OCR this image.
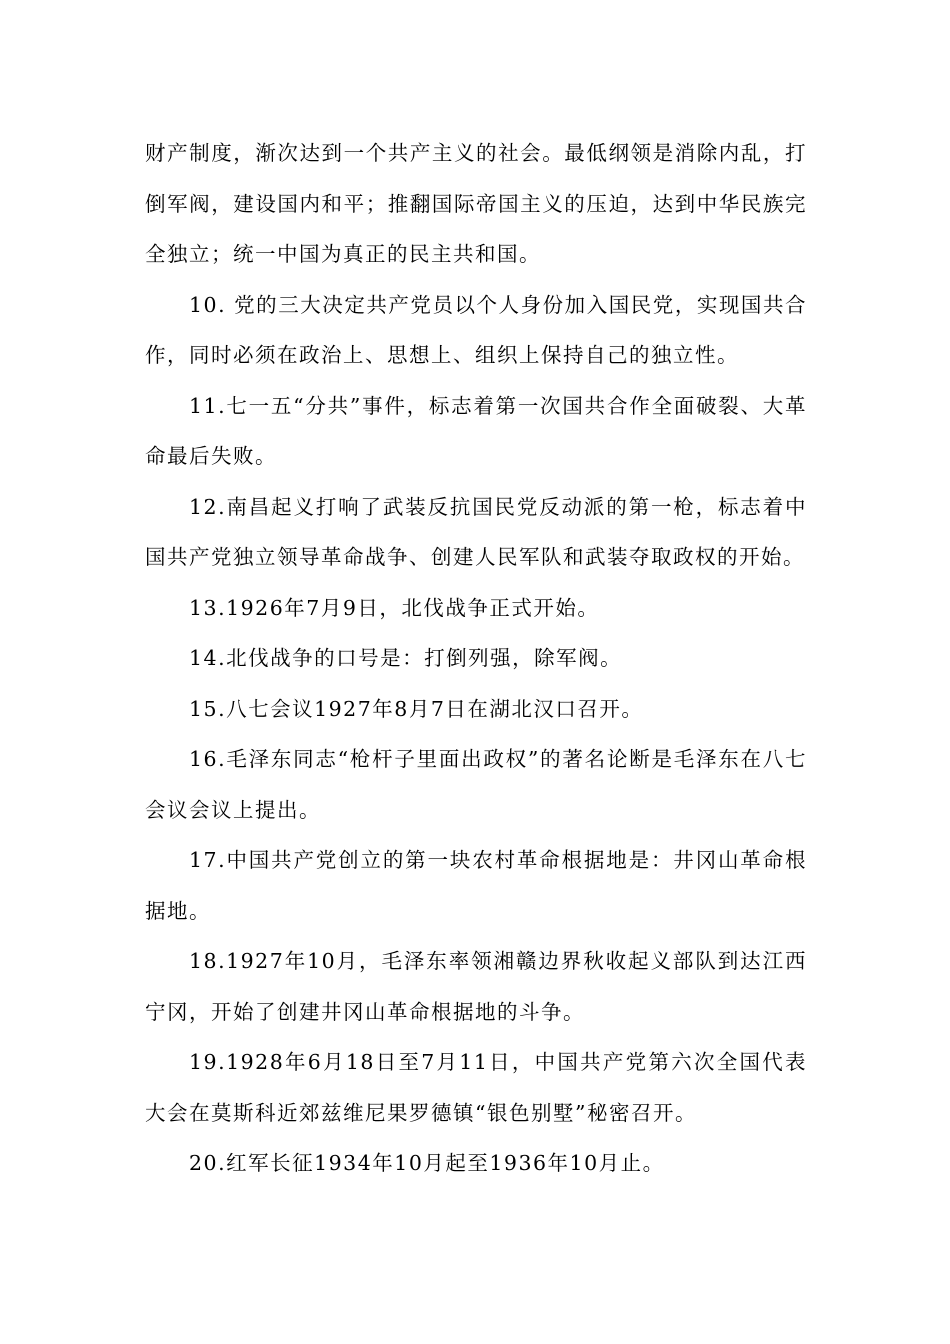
财产制度，渐次达到一个共产主义的社会。最低纲领是消除内乱，打倒军阀，建设国内和平；推翻国际帝国主义的压迫，达到中华民族完全独立；统一中国为真正的民主共和国。

10. 党的三大决定共产党员以个人身份加入国民党，实现国共合作，同时必须在政治上、思想上、组织上保持自己的独立性。

11.七一五“分共”事件，标志着第一次国共合作全面破裂、大革命最后失败。

12.南昌起义打响了武装反抗国民党反动派的第一枪，标志着中国共产党独立领导革命战争、创建人民军队和武装夺取政权的开始。

13.1926年7月9日，北伐战争正式开始。

14.北伐战争的口号是：打倒列强，除军阀。

15.八七会议1927年8月7日在湖北汉口召开。

16.毛泽东同志“枪杆子里面出政权”的著名论断是毛泽东在八七会议会议上提出。

17.中国共产党创立的第一块农村革命根据地是：井冈山革命根据地。

18.1927年10月，毛泽东率领湘赣边界秋收起义部队到达江西宁冈，开始了创建井冈山革命根据地的斗争。

19.1928年6月18日至7月11日，中国共产党第六次全国代表大会在莫斯科近郊兹维尼果罗德镇“银色别墅”秘密召开。

20.红军长征1934年10月起至1936年10月止。
